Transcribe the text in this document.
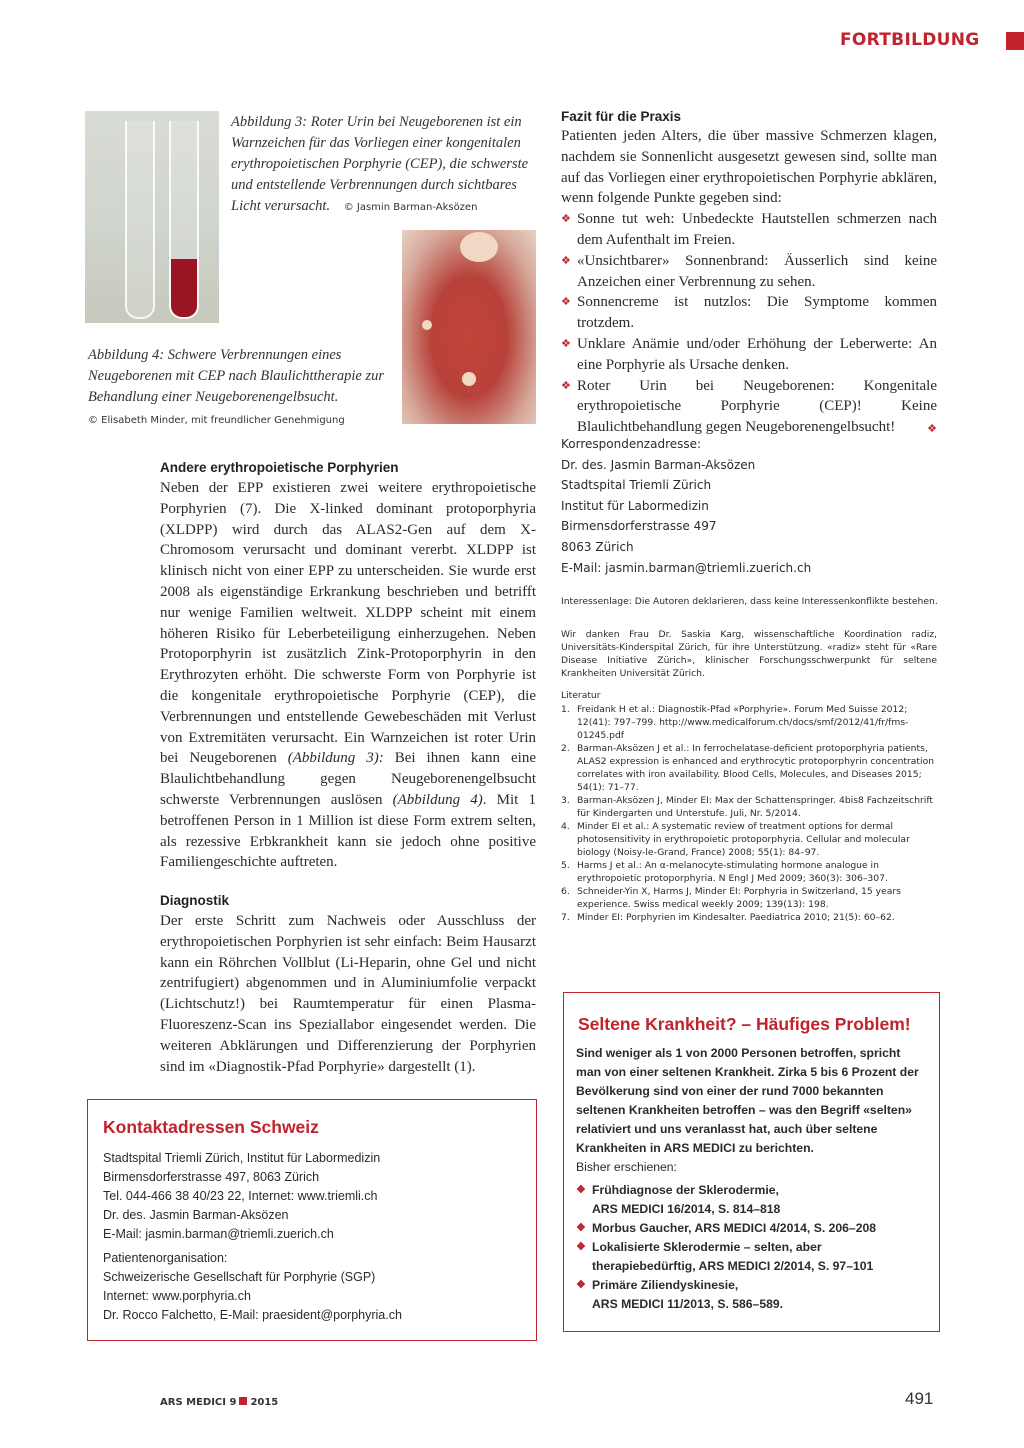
FORTBILDUNG
Abbildung 3: Roter Urin bei Neugeborenen ist ein Warnzeichen für das Vorliegen einer kongenitalen erythropoietischen Porphyrie (CEP), die schwerste und entstellende Verbrennungen durch sichtbares Licht verursacht. © Jasmin Barman-Aksözen
Abbildung 4: Schwere Verbrennungen eines Neugeborenen mit CEP nach Blaulichttherapie zur Behandlung einer Neugeborenengelbsucht.
© Elisabeth Minder, mit freundlicher Genehmigung
Andere erythropoietische Porphyrien
Neben der EPP existieren zwei weitere erythropoietische Porphyrien (7). Die X-linked dominant protoporphyria (XLDPP) wird durch das ALAS2-Gen auf dem X-Chromosom verursacht und dominant vererbt. XLDPP ist klinisch nicht von einer EPP zu unterscheiden. Sie wurde erst 2008 als eigenständige Erkrankung beschrieben und betrifft nur wenige Familien weltweit. XLDPP scheint mit einem höheren Risiko für Leberbeteiligung einherzugehen. Neben Protoporphyrin ist zusätzlich Zink-Protoporphyrin in den Erythrozyten erhöht. Die schwerste Form von Porphyrie ist die kongenitale erythropoietische Porphyrie (CEP), die Verbrennungen und entstellende Gewebeschäden mit Verlust von Extremitäten verursacht. Ein Warnzeichen ist roter Urin bei Neugeborenen (Abbildung 3): Bei ihnen kann eine Blaulichtbehandlung gegen Neugeborenengelbsucht schwerste Verbrennungen auslösen (Abbildung 4). Mit 1 betroffenen Person in 1 Million ist diese Form extrem selten, als rezessive Erbkrankheit kann sie jedoch ohne positive Familiengeschichte auftreten.
Diagnostik
Der erste Schritt zum Nachweis oder Ausschluss der erythropoietischen Porphyrien ist sehr einfach: Beim Hausarzt kann ein Röhrchen Vollblut (Li-Heparin, ohne Gel und nicht zentrifugiert) abgenommen und in Aluminiumfolie verpackt (Lichtschutz!) bei Raumtemperatur für einen Plasma-Fluoreszenz-Scan ins Speziallabor eingesendet werden. Die weiteren Abklärungen und Differenzierung der Porphyrien sind im «Diagnostik-Pfad Porphyrie» dargestellt (1).
Kontaktadressen Schweiz
Stadtspital Triemli Zürich, Institut für Labormedizin
Birmensdorferstrasse 497, 8063 Zürich
Tel. 044-466 38 40/23 22, Internet: www.triemli.ch
Dr. des. Jasmin Barman-Aksözen
E-Mail: jasmin.barman@triemli.zuerich.ch
Patientenorganisation:
Schweizerische Gesellschaft für Porphyrie (SGP)
Internet: www.porphyria.ch
Dr. Rocco Falchetto, E-Mail: praesident@porphyria.ch
Fazit für die Praxis
Patienten jeden Alters, die über massive Schmerzen klagen, nachdem sie Sonnenlicht ausgesetzt gewesen sind, sollte man auf das Vorliegen einer erythropoietischen Porphyrie abklären, wenn folgende Punkte gegeben sind:
❖ Sonne tut weh: Unbedeckte Hautstellen schmerzen nach dem Aufenthalt im Freien.
❖ «Unsichtbarer» Sonnenbrand: Äusserlich sind keine Anzeichen einer Verbrennung zu sehen.
❖ Sonnencreme ist nutzlos: Die Symptome kommen trotzdem.
❖ Unklare Anämie und/oder Erhöhung der Leberwerte: An eine Porphyrie als Ursache denken.
❖ Roter Urin bei Neugeborenen: Kongenitale erythropoietische Porphyrie (CEP)! Keine Blaulichtbehandlung gegen Neugeborenengelbsucht!	❖
Korrespondenzadresse:
Dr. des. Jasmin Barman-Aksözen
Stadtspital Triemli Zürich
Institut für Labormedizin
Birmensdorferstrasse 497
8063 Zürich
E-Mail: jasmin.barman@triemli.zuerich.ch
Interessenlage: Die Autoren deklarieren, dass keine Interessenkonflikte bestehen.
Wir danken Frau Dr. Saskia Karg, wissenschaftliche Koordination radiz, Universitäts-Kinderspital Zürich, für ihre Unterstützung. «radiz» steht für «Rare Disease Initiative Zürich», klinischer Forschungsschwerpunkt für seltene Krankheiten Universität Zürich.
Literatur
1. Freidank H et al.: Diagnostik-Pfad «Porphyrie». Forum Med Suisse 2012; 12(41): 797–799. http://www.medicalforum.ch/docs/smf/2012/41/fr/fms-01245.pdf
2. Barman-Aksözen J et al.: In ferrochelatase-deficient protoporphyria patients, ALAS2 expression is enhanced and erythrocytic protoporphyrin concentration correlates with iron availability. Blood Cells, Molecules, and Diseases 2015; 54(1): 71–77.
3. Barman-Aksözen J, Minder EI: Max der Schattenspringer. 4bis8 Fachzeitschrift für Kindergarten und Unterstufe. Juli, Nr. 5/2014.
4. Minder EI et al.: A systematic review of treatment options for dermal photosensitivity in erythropoietic protoporphyria. Cellular and molecular biology (Noisy-le-Grand, France) 2008; 55(1): 84–97.
5. Harms J et al.: An α-melanocyte-stimulating hormone analogue in erythropoietic protoporphyria. N Engl J Med 2009; 360(3): 306–307.
6. Schneider-Yin X, Harms J, Minder EI: Porphyria in Switzerland, 15 years experience. Swiss medical weekly 2009; 139(13): 198.
7. Minder EI: Porphyrien im Kindesalter. Paediatrica 2010; 21(5): 60–62.
Seltene Krankheit? – Häufiges Problem!
Sind weniger als 1 von 2000 Personen betroffen, spricht man von einer seltenen Krankheit. Zirka 5 bis 6 Prozent der Bevölkerung sind von einer der rund 7000 bekannten seltenen Krankheiten betroffen – was den Begriff «selten» relativiert und uns veranlasst hat, auch über seltene Krankheiten in ARS MEDICI zu berichten.
Bisher erschienen:
❖ Frühdiagnose der Sklerodermie,
ARS MEDICI 16/2014, S. 814–818
❖ Morbus Gaucher, ARS MEDICI 4/2014, S. 206–208
❖ Lokalisierte Sklerodermie – selten, aber therapiebedürftig, ARS MEDICI 2/2014, S. 97–101
❖ Primäre Ziliendyskinesie,
ARS MEDICI 11/2013, S. 586–589.
ARS MEDICI 9 2015	491
